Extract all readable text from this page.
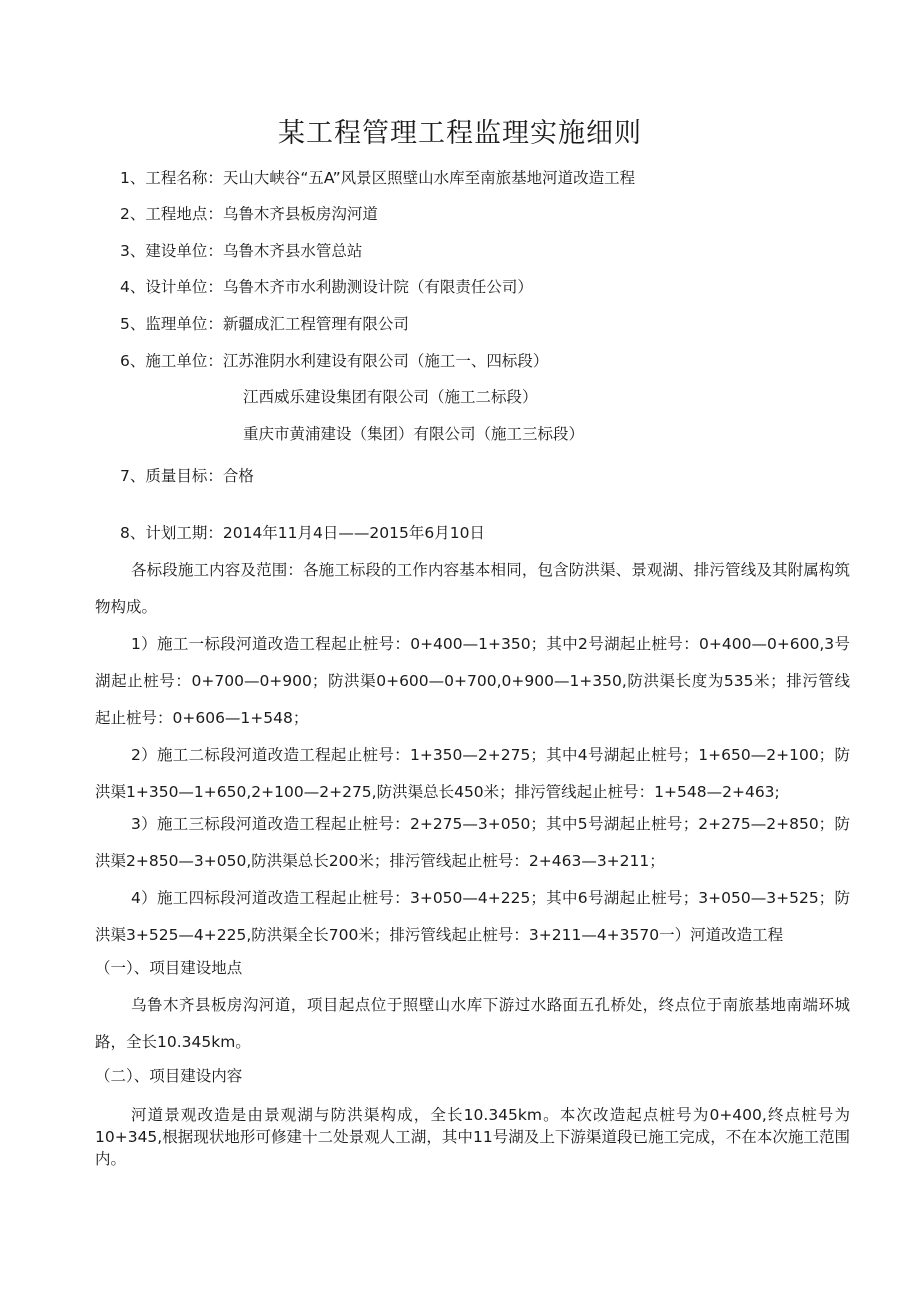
某工程管理工程监理实施细则
1、工程名称：天山大峡谷“五A”风景区照壁山水库至南旅基地河道改造工程
2、工程地点：乌鲁木齐县板房沟河道
3、建设单位：乌鲁木齐县水管总站
4、设计单位：乌鲁木齐市水利勘测设计院（有限责任公司）
5、监理单位：新疆成汇工程管理有限公司
6、施工单位：江苏淮阴水利建设有限公司（施工一、四标段）
江西威乐建设集团有限公司（施工二标段）
重庆市黄浦建设（集团）有限公司（施工三标段）
7、质量目标：合格
8、计划工期：2014年11月4日——2015年6月10日
各标段施工内容及范围：各施工标段的工作内容基本相同，包含防洪渠、景观湖、排污管线及其附属构筑物构成。
1）施工一标段河道改造工程起止桩号：0+400—1+350；其中2号湖起止桩号：0+400—0+600,3号湖起止桩号：0+700—0+900；防洪渠0+600—0+700,0+900—1+350,防洪渠长度为535米；排污管线起止桩号：0+606—1+548；
2）施工二标段河道改造工程起止桩号：1+350—2+275；其中4号湖起止桩号；1+650—2+100；防洪渠1+350—1+650,2+100—2+275,防洪渠总长450米；排污管线起止桩号：1+548—2+463;
3）施工三标段河道改造工程起止桩号：2+275—3+050；其中5号湖起止桩号；2+275—2+850；防洪渠2+850—3+050,防洪渠总长200米；排污管线起止桩号：2+463—3+211；
4）施工四标段河道改造工程起止桩号：3+050—4+225；其中6号湖起止桩号；3+050—3+525；防洪渠3+525—4+225,防洪渠全长700米；排污管线起止桩号：3+211—4+3570一）河道改造工程
（一）、项目建设地点
乌鲁木齐县板房沟河道，项目起点位于照壁山水库下游过水路面五孔桥处，终点位于南旅基地南端环城路，全长10.345km。
（二）、项目建设内容
河道景观改造是由景观湖与防洪渠构成，全长10.345km。本次改造起点桩号为0+400,终点桩号为10+345,根据现状地形可修建十二处景观人工湖，其中11号湖及上下游渠道段已施工完成，不在本次施工范围内。
